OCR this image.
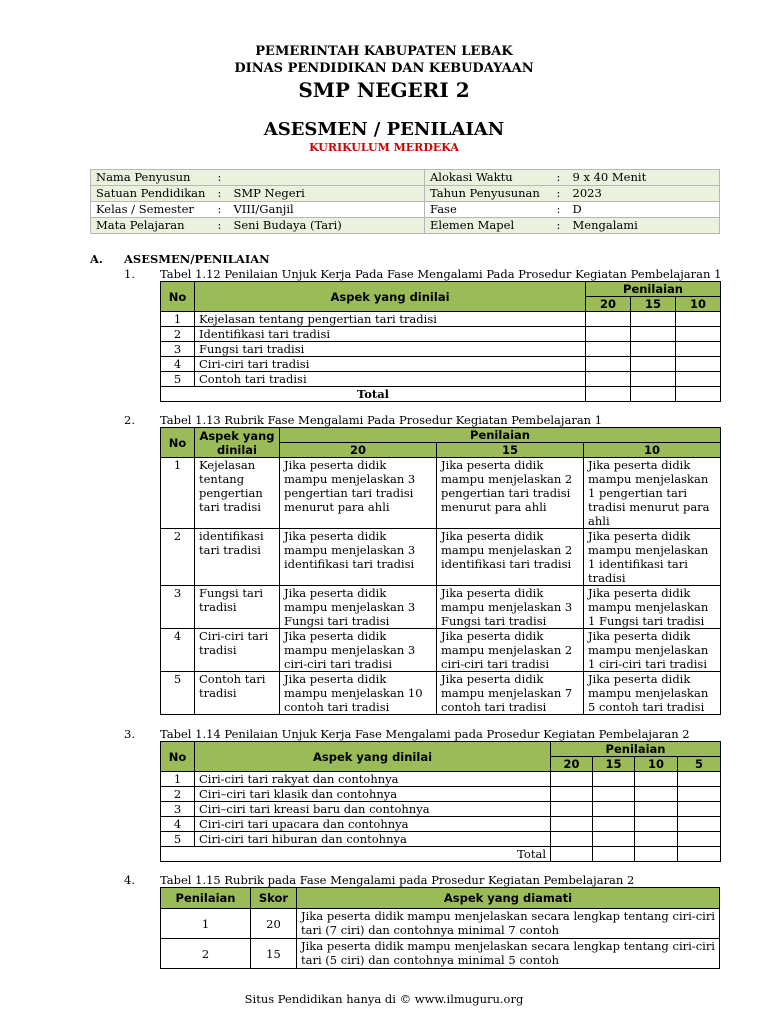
PEMERINTAH KABUPATEN LEBAK
DINAS PENDIDIKAN DAN KEBUDAYAAN
SMP NEGERI 2
ASESMEN / PENILAIAN
KURIKULUM MERDEKA
Nama Penyusun	:		Alokasi Waktu	:	9 x 40 Menit
Satuan Pendidikan	:	SMP Negeri	Tahun Penyusunan	:	2023
Kelas / Semester	:	VIII/Ganjil	Fase	:	D
Mata Pelajaran	:	Seni Budaya (Tari)	Elemen Mapel	:	Mengalami
A. ASESMEN/PENILAIAN
1. Tabel 1.12 Penilaian Unjuk Kerja Pada Fase Mengalami Pada Prosedur Kegiatan Pembelajaran 1
No	Aspek yang dinilai	Penilaian		
		20	15	10
1	Kejelasan tentang pengertian tari tradisi			
2	Identifikasi tari tradisi			
3	Fungsi tari tradisi			
4	Ciri-ciri tari tradisi			
5	Contoh tari tradisi			
Total				
2. Tabel 1.13 Rubrik Fase Mengalami Pada Prosedur Kegiatan Pembelajaran 1
No	Aspek yang dinilai	Penilaian		
		20	15	10
1	Kejelasan tentang pengertian tari tradisi	Jika peserta didik mampu menjelaskan 3 pengertian tari tradisi menurut para ahli	Jika peserta didik mampu menjelaskan 2 pengertian tari tradisi menurut para ahli	Jika peserta didik mampu menjelaskan 1 pengertian tari tradisi menurut para ahli
2	identifikasi tari tradisi	Jika peserta didik mampu menjelaskan 3 identifikasi tari tradisi	Jika peserta didik mampu menjelaskan 2 identifikasi tari tradisi	Jika peserta didik mampu menjelaskan 1 identifikasi tari tradisi
3	Fungsi tari tradisi	Jika peserta didik mampu menjelaskan 3 Fungsi tari tradisi	Jika peserta didik mampu menjelaskan 3 Fungsi tari tradisi	Jika peserta didik mampu menjelaskan 1 Fungsi tari tradisi
4	Ciri-ciri tari tradisi	Jika peserta didik mampu menjelaskan 3 ciri-ciri tari tradisi	Jika peserta didik mampu menjelaskan 2 ciri-ciri tari tradisi	Jika peserta didik mampu menjelaskan 1 ciri-ciri tari tradisi
5	Contoh tari tradisi	Jika peserta didik mampu menjelaskan 10 contoh tari tradisi	Jika peserta didik mampu menjelaskan 7 contoh tari tradisi	Jika peserta didik mampu menjelaskan 5 contoh tari tradisi
3. Tabel 1.14 Penilaian Unjuk Kerja Fase Mengalami pada Prosedur Kegiatan Pembelajaran 2
No	Aspek yang dinilai	Penilaian			
		20	15	10	5
1	Ciri-ciri tari rakyat dan contohnya				
2	Ciri–ciri tari klasik dan contohnya				
3	Ciri–ciri tari kreasi baru dan contohnya				
4	Ciri-ciri tari upacara dan contohnya				
5	Ciri-ciri tari hiburan dan contohnya				
Total					
4. Tabel 1.15 Rubrik pada Fase Mengalami pada Prosedur Kegiatan Pembelajaran 2
Penilaian	Skor	Aspek yang diamati
1	20	Jika peserta didik mampu menjelaskan secara lengkap tentang ciri-ciri tari (7 ciri) dan contohnya minimal 7 contoh
2	15	Jika peserta didik mampu menjelaskan secara lengkap tentang ciri-ciri tari (5 ciri) dan contohnya minimal 5 contoh
Situs Pendidikan hanya di © www.ilmuguru.org
